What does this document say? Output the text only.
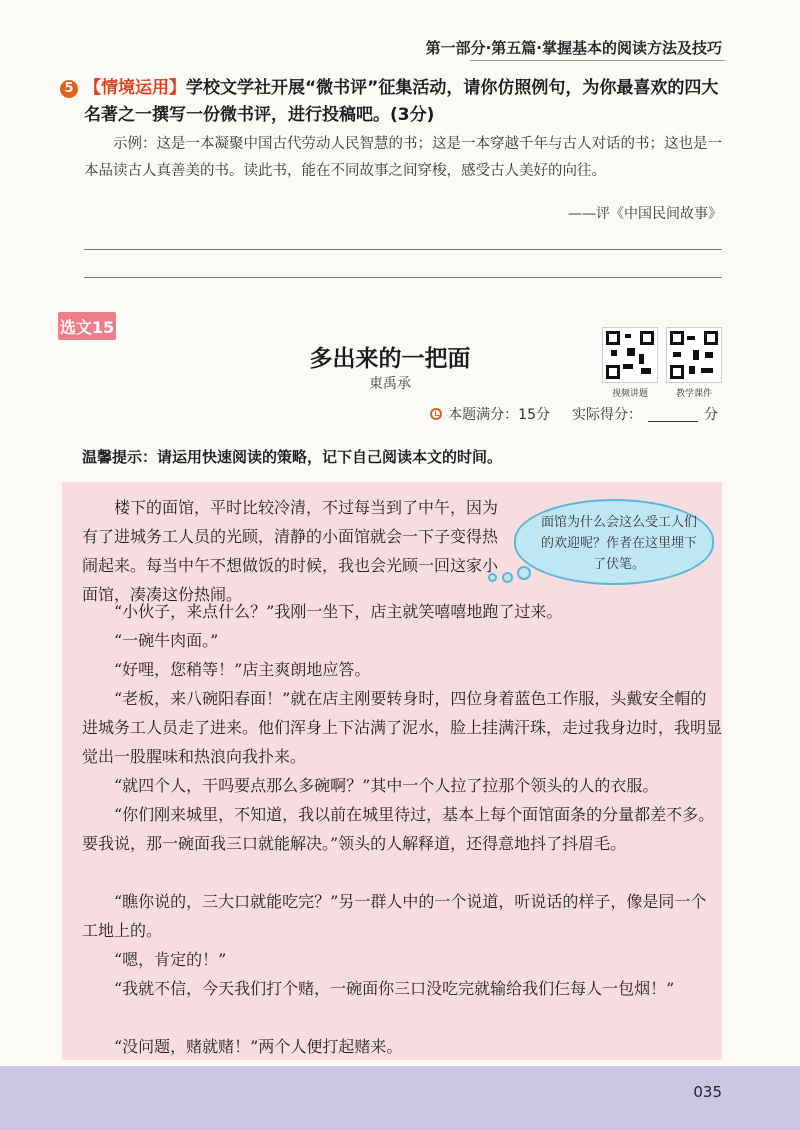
第一部分·第五篇·掌握基本的阅读方法及技巧
5 【情境运用】学校文学社开展“微书评”征集活动，请你仿照例句，为你最喜欢的四大名著之一撰写一份微书评，进行投稿吧。(3分)
示例：这是一本凝聚中国古代劳动人民智慧的书；这是一本穿越千年与古人对话的书；这也是一本品读古人真善美的书。读此书，能在不同故事之间穿梭，感受古人美好的向往。
——评《中国民间故事》
选文15
多出来的一把面
東禹承
视频讲题	教学课件
本题满分：15分 实际得分：	分
温馨提示：请运用快速阅读的策略，记下自己阅读本文的时间。
面馆为什么会这么受工人们的欢迎呢？作者在这里埋下了伏笔。

楼下的面馆，平时比较冷清，不过每当到了中午，因为有了进城务工人员的光顾，清静的小面馆就会一下子变得热闹起来。每当中午不想做饭的时候，我也会光顾一回这家小面馆，凑凑这份热闹。

“小伙子，来点什么？”我刚一坐下，店主就笑嘻嘻地跑了过来。

“一碗牛肉面。”

“好哩，您稍等！”店主爽朗地应答。

“老板，来八碗阳春面！”就在店主刚要转身时，四位身着蓝色工作服，头戴安全帽的进城务工人员走了进来。他们浑身上下沾满了泥水，脸上挂满汗珠，走过我身边时，我明显觉出一股腥味和热浪向我扑来。

“就四个人，干吗要点那么多碗啊？”其中一个人拉了拉那个领头的人的衣服。

“你们刚来城里，不知道，我以前在城里待过，基本上每个面馆面条的分量都差不多。要我说，那一碗面我三口就能解决。”领头的人解释道，还得意地抖了抖眉毛。

“瞧你说的，三大口就能吃完？”另一群人中的一个说道，听说话的样子，像是同一个工地上的。

“嗯，肯定的！”

“我就不信，今天我们打个赌，一碗面你三口没吃完就输给我们仨每人一包烟！”

“没问题，赌就赌！”两个人便打起赌来。

035
